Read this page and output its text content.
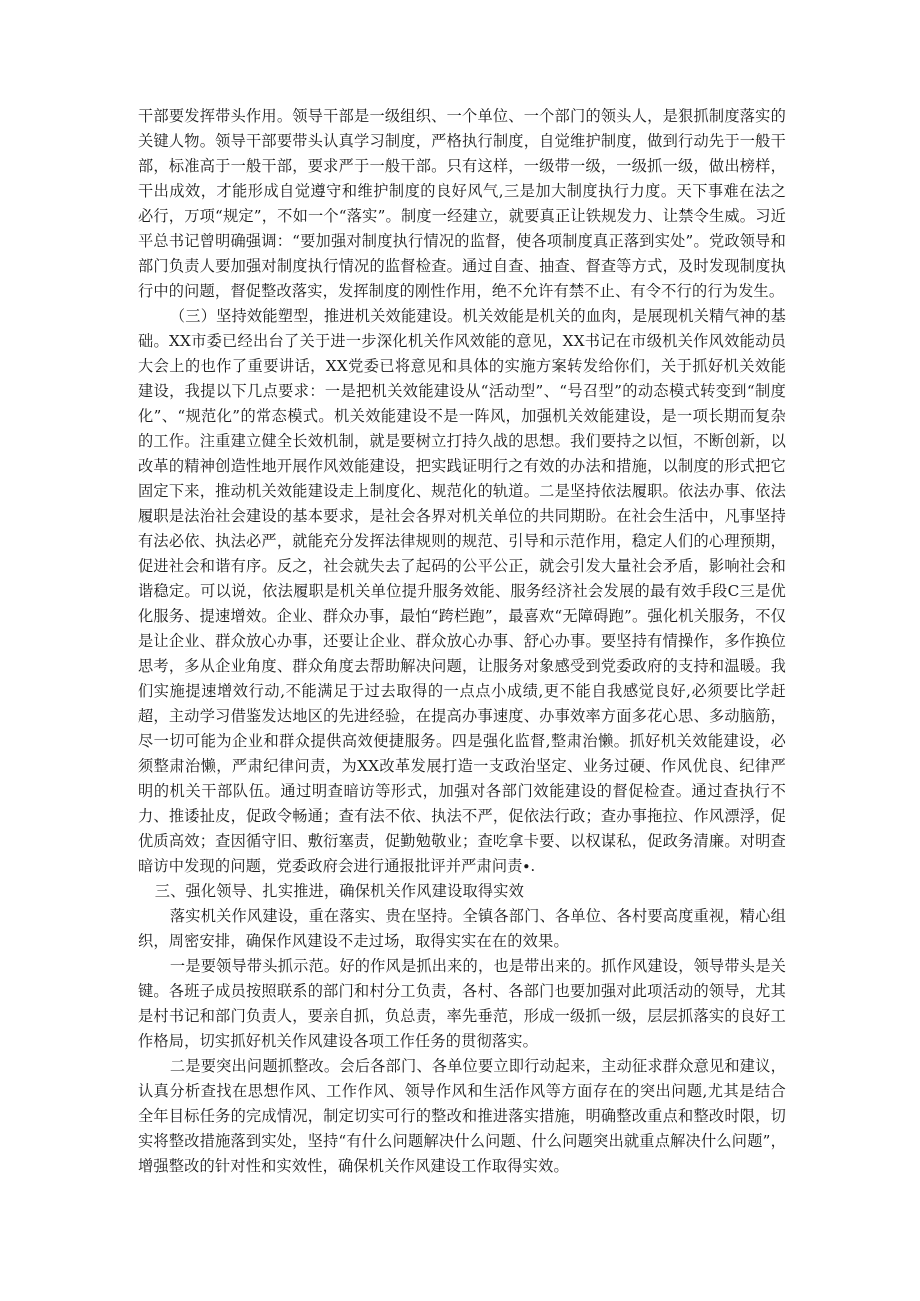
干部要发挥带头作用。领导干部是一级组织、一个单位、一个部门的领头人，是狠抓制度落实的关键人物。领导干部要带头认真学习制度，严格执行制度，自觉维护制度，做到行动先于一般干部，标准高于一般干部，要求严于一般干部。只有这样，一级带一级，一级抓一级，做出榜样，干出成效，才能形成自觉遵守和维护制度的良好风气,三是加大制度执行力度。天下事难在法之必行，万项“规定”，不如一个“落实”。制度一经建立，就要真正让铁规发力、让禁令生威。习近平总书记曾明确强调：“要加强对制度执行情况的监督，使各项制度真正落到实处”。党政领导和部门负责人要加强对制度执行情况的监督检查。通过自查、抽查、督查等方式，及时发现制度执行中的问题，督促整改落实，发挥制度的刚性作用，绝不允许有禁不止、有令不行的行为发生。

（三）坚持效能塑型，推进机关效能建设。机关效能是机关的血肉，是展现机关精气神的基础。XX市委已经出台了关于进一步深化机关作风效能的意见，XX书记在市级机关作风效能动员大会上的也作了重要讲话，XX党委已将意见和具体的实施方案转发给你们，关于抓好机关效能建设，我提以下几点要求：一是把机关效能建设从“活动型”、“号召型”的动态模式转变到“制度化”、“规范化”的常态模式。机关效能建设不是一阵风，加强机关效能建设，是一项长期而复杂的工作。注重建立健全长效机制，就是要树立打持久战的思想。我们要持之以恒，不断创新，以改革的精神创造性地开展作风效能建设，把实践证明行之有效的办法和措施，以制度的形式把它固定下来，推动机关效能建设走上制度化、规范化的轨道。二是坚持依法履职。依法办事、依法履职是法治社会建设的基本要求，是社会各界对机关单位的共同期盼。在社会生活中，凡事坚持有法必依、执法必严，就能充分发挥法律规则的规范、引导和示范作用，稳定人们的心理预期，促进社会和谐有序。反之，社会就失去了起码的公平公正，就会引发大量社会矛盾，影响社会和谐稳定。可以说，依法履职是机关单位提升服务效能、服务经济社会发展的最有效手段C三是优化服务、提速增效。企业、群众办事，最怕“跨栏跑”，最喜欢“无障碍跑”。强化机关服务，不仅是让企业、群众放心办事，还要让企业、群众放心办事、舒心办事。要坚持有情操作，多作换位思考，多从企业角度、群众角度去帮助解决问题，让服务对象感受到党委政府的支持和温暖。我们实施提速增效行动,不能满足于过去取得的一点点小成绩,更不能自我感觉良好,必须要比学赶超，主动学习借鉴发达地区的先进经验，在提高办事速度、办事效率方面多花心思、多动脑筋，尽一切可能为企业和群众提供高效便捷服务。四是强化监督,整肃治懒。抓好机关效能建设，必须整肃治懒，严肃纪律问责，为XX改革发展打造一支政治坚定、业务过硬、作风优良、纪律严明的机关干部队伍。通过明查暗访等形式，加强对各部门效能建设的督促检查。通过查执行不力、推诿扯皮，促政令畅通；查有法不依、执法不严，促依法行政；查办事拖拉、作风漂浮，促优质高效；查因循守旧、敷衍塞责，促勤勉敬业；查吃拿卡要、以权谋私，促政务清廉。对明查暗访中发现的问题，党委政府会进行通报批评并严肃问责∙.

三、强化领导、扎实推进，确保机关作风建设取得实效

落实机关作风建设，重在落实、贵在坚持。全镇各部门、各单位、各村要高度重视，精心组织，周密安排，确保作风建设不走过场，取得实实在在的效果。

一是要领导带头抓示范。好的作风是抓出来的，也是带出来的。抓作风建设，领导带头是关键。各班子成员按照联系的部门和村分工负责，各村、各部门也要加强对此项活动的领导，尤其是村书记和部门负责人，要亲自抓，负总责，率先垂范，形成一级抓一级，层层抓落实的良好工作格局，切实抓好机关作风建设各项工作任务的贯彻落实。

二是要突出问题抓整改。会后各部门、各单位要立即行动起来，主动征求群众意见和建议，认真分析查找在思想作风、工作作风、领导作风和生活作风等方面存在的突出问题,尤其是结合全年目标任务的完成情况，制定切实可行的整改和推进落实措施，明确整改重点和整改时限，切实将整改措施落到实处，坚持“有什么问题解决什么问题、什么问题突出就重点解决什么问题”，增强整改的针对性和实效性，确保机关作风建设工作取得实效。
